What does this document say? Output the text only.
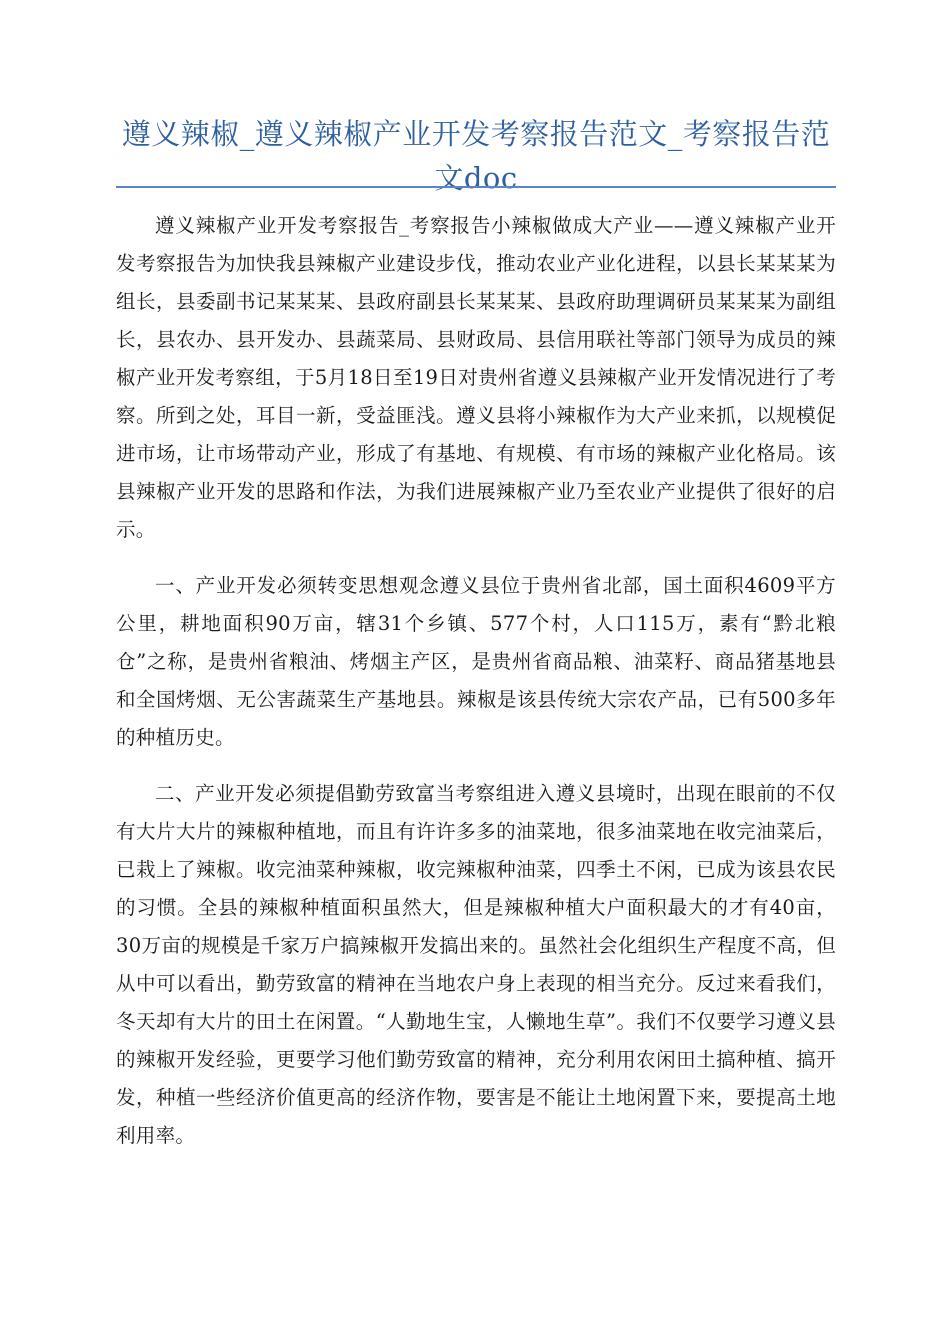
遵义辣椒_遵义辣椒产业开发考察报告范文_考察报告范文doc

遵义辣椒产业开发考察报告_考察报告小辣椒做成大产业——遵义辣椒产业开发考察报告为加快我县辣椒产业建设步伐，推动农业产业化进程，以县长某某某为组长，县委副书记某某某、县政府副县长某某某、县政府助理调研员某某某为副组长，县农办、县开发办、县蔬菜局、县财政局、县信用联社等部门领导为成员的辣椒产业开发考察组，于5月18日至19日对贵州省遵义县辣椒产业开发情况进行了考察。所到之处，耳目一新，受益匪浅。遵义县将小辣椒作为大产业来抓，以规模促进市场，让市场带动产业，形成了有基地、有规模、有市场的辣椒产业化格局。该县辣椒产业开发的思路和作法，为我们进展辣椒产业乃至农业产业提供了很好的启示。

一、产业开发必须转变思想观念遵义县位于贵州省北部，国土面积4609平方公里，耕地面积90万亩，辖31个乡镇、577个村，人口115万，素有“黔北粮仓”之称，是贵州省粮油、烤烟主产区，是贵州省商品粮、油菜籽、商品猪基地县和全国烤烟、无公害蔬菜生产基地县。辣椒是该县传统大宗农产品，已有500多年的种植历史。

二、产业开发必须提倡勤劳致富当考察组进入遵义县境时，出现在眼前的不仅有大片大片的辣椒种植地，而且有许许多多的油菜地，很多油菜地在收完油菜后，已栽上了辣椒。收完油菜种辣椒，收完辣椒种油菜，四季土不闲，已成为该县农民的习惯。全县的辣椒种植面积虽然大，但是辣椒种植大户面积最大的才有40亩，30万亩的规模是千家万户搞辣椒开发搞出来的。虽然社会化组织生产程度不高，但从中可以看出，勤劳致富的精神在当地农户身上表现的相当充分。反过来看我们，冬天却有大片的田土在闲置。“人勤地生宝，人懒地生草”。我们不仅要学习遵义县的辣椒开发经验，更要学习他们勤劳致富的精神，充分利用农闲田土搞种植、搞开发，种植一些经济价值更高的经济作物，要害是不能让土地闲置下来，要提高土地利用率。
